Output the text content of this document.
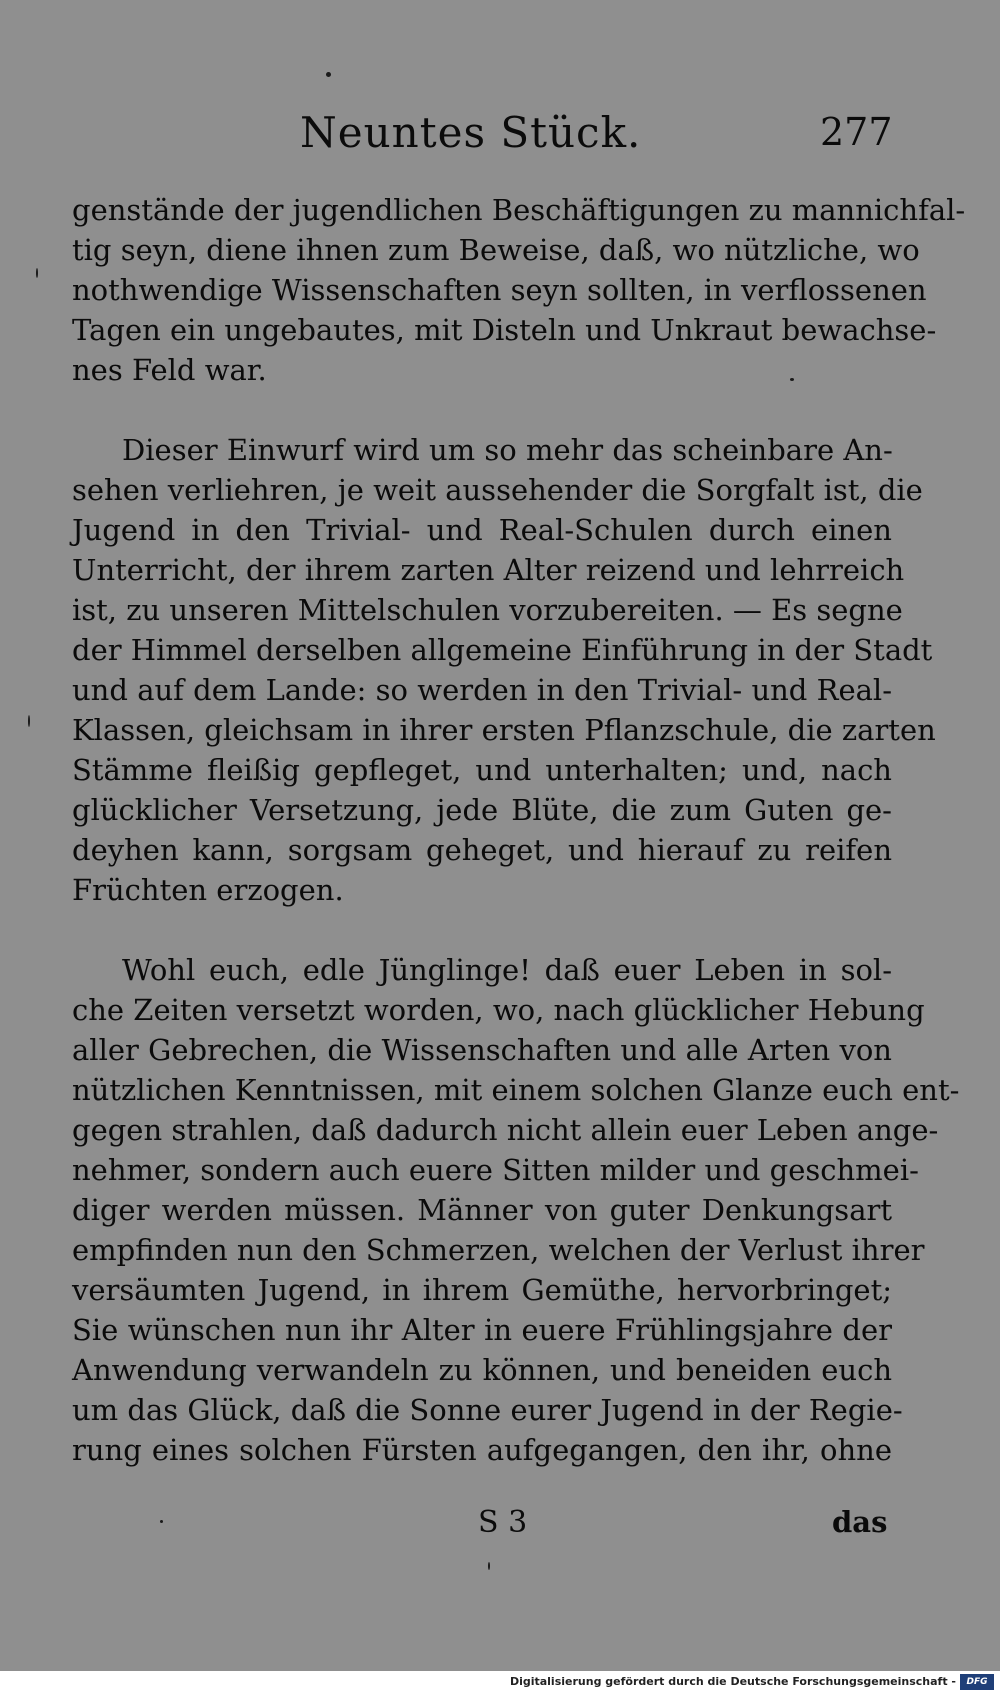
Neuntes Stück.	277
genstände der jugendlichen Beschäftigungen zu mannichfal-
tig seyn, diene ihnen zum Beweise, daß, wo nützliche, wo
nothwendige Wissenschaften seyn sollten, in verflossenen
Tagen ein ungebautes, mit Disteln und Unkraut bewachse-
nes Feld war.
Dieser Einwurf wird um so mehr das scheinbare An-
sehen verliehren, je weit aussehender die Sorgfalt ist, die
Jugend in den Trivial- und Real-Schulen durch einen
Unterricht, der ihrem zarten Alter reizend und lehrreich
ist, zu unseren Mittelschulen vorzubereiten. — Es segne
der Himmel derselben allgemeine Einführung in der Stadt
und auf dem Lande: so werden in den Trivial- und Real-
Klassen, gleichsam in ihrer ersten Pflanzschule, die zarten
Stämme fleißig gepfleget, und unterhalten; und, nach
glücklicher Versetzung, jede Blüte, die zum Guten ge-
deyhen kann, sorgsam geheget, und hierauf zu reifen
Früchten erzogen.
Wohl euch, edle Jünglinge! daß euer Leben in sol-
che Zeiten versetzt worden, wo, nach glücklicher Hebung
aller Gebrechen, die Wissenschaften und alle Arten von
nützlichen Kenntnissen, mit einem solchen Glanze euch ent-
gegen strahlen, daß dadurch nicht allein euer Leben ange-
nehmer, sondern auch euere Sitten milder und geschmei-
diger werden müssen. Männer von guter Denkungsart
empfinden nun den Schmerzen, welchen der Verlust ihrer
versäumten Jugend, in ihrem Gemüthe, hervorbringet;
Sie wünschen nun ihr Alter in euere Frühlingsjahre der
Anwendung verwandeln zu können, und beneiden euch
um das Glück, daß die Sonne eurer Jugend in der Regie-
rung eines solchen Fürsten aufgegangen, den ihr, ohne
S 3	das
Digitalisierung gefördert durch die Deutsche Forschungsgemeinschaft -	DFG
